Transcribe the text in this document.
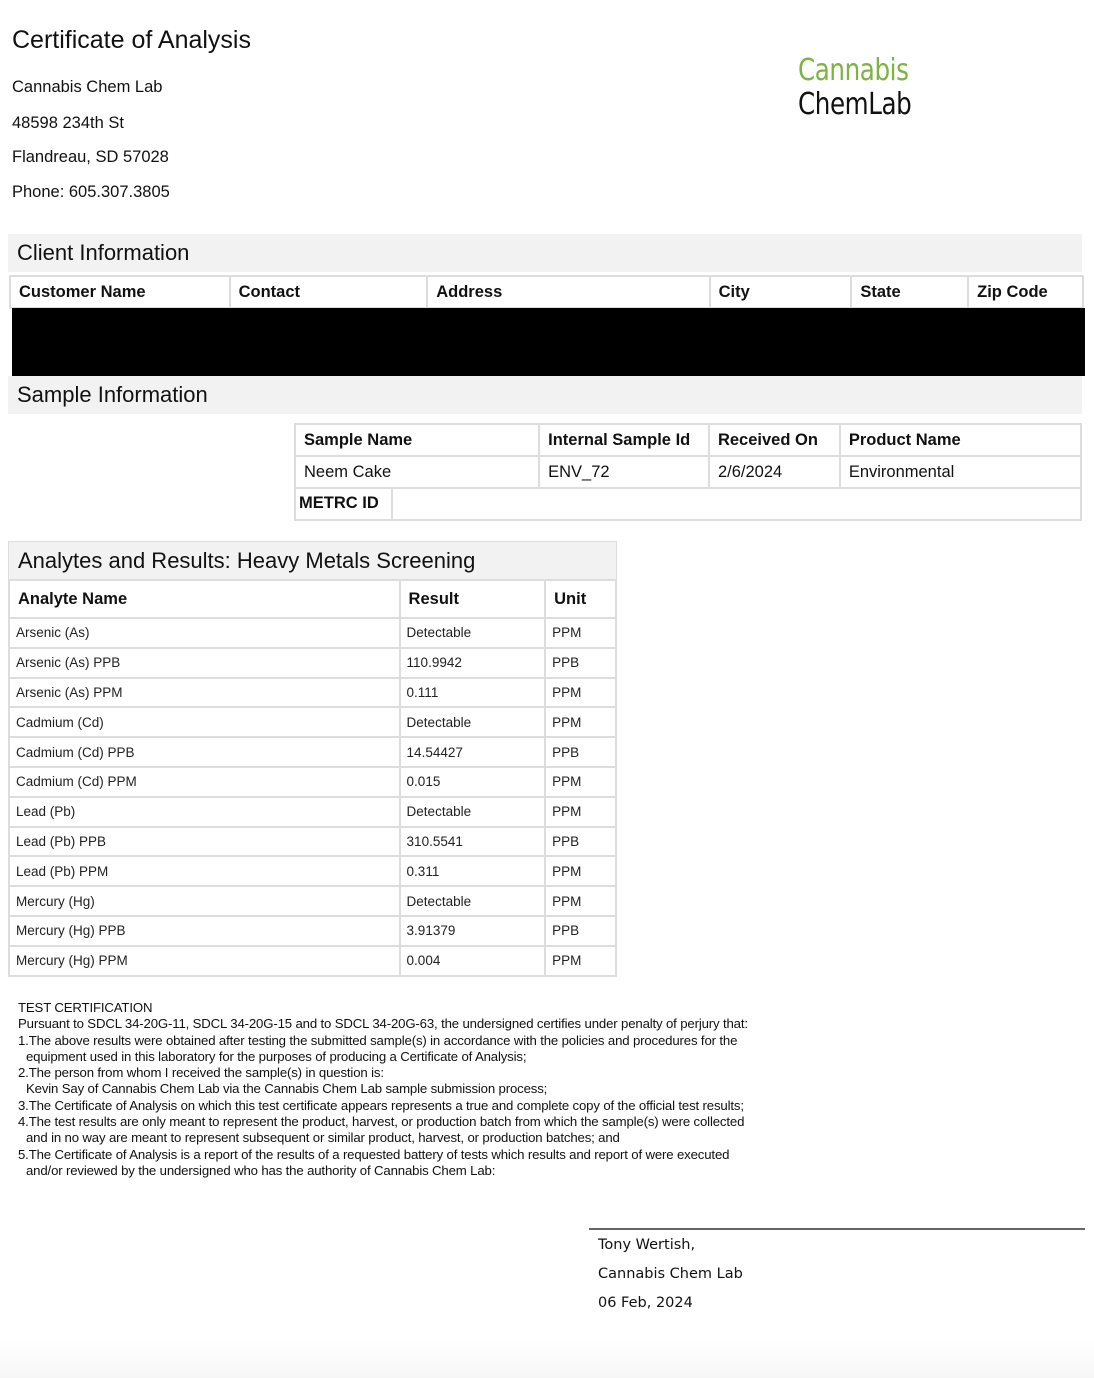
Certificate of Analysis
Cannabis Chem Lab
48598 234th St
Flandreau, SD 57028
Phone: 605.307.3805
Cannabis
ChemLab
Client Information
Customer Name	Contact	Address	City	State	Zip Code
Sample Information
Sample Name	Internal Sample Id	Received On	Product Name
Neem Cake	ENV_72	2/6/2024	Environmental
METRC ID
Analytes and Results: Heavy Metals Screening
Analyte Name	Result	Unit
Arsenic (As)	Detectable	PPM
Arsenic (As) PPB	110.9942	PPB
Arsenic (As) PPM	0.111	PPM
Cadmium (Cd)	Detectable	PPM
Cadmium (Cd) PPB	14.54427	PPB
Cadmium (Cd) PPM	0.015	PPM
Lead (Pb)	Detectable	PPM
Lead (Pb) PPB	310.5541	PPB
Lead (Pb) PPM	0.311	PPM
Mercury (Hg)	Detectable	PPM
Mercury (Hg) PPB	3.91379	PPB
Mercury (Hg) PPM	0.004	PPM
TEST CERTIFICATION
Pursuant to SDCL 34-20G-11, SDCL 34-20G-15 and to SDCL 34-20G-63, the undersigned certifies under penalty of perjury that:
1.The above results were obtained after testing the submitted sample(s) in accordance with the policies and procedures for the
equipment used in this laboratory for the purposes of producing a Certificate of Analysis;
2.The person from whom I received the sample(s) in question is:
Kevin Say of Cannabis Chem Lab via the Cannabis Chem Lab sample submission process;
3.The Certificate of Analysis on which this test certificate appears represents a true and complete copy of the official test results;
4.The test results are only meant to represent the product, harvest, or production batch from which the sample(s) were collected
and in no way are meant to represent subsequent or similar product, harvest, or production batches; and
5.The Certificate of Analysis is a report of the results of a requested battery of tests which results and report of were executed
and/or reviewed by the undersigned who has the authority of Cannabis Chem Lab:
Tony Wertish,
Cannabis Chem Lab
06 Feb, 2024
